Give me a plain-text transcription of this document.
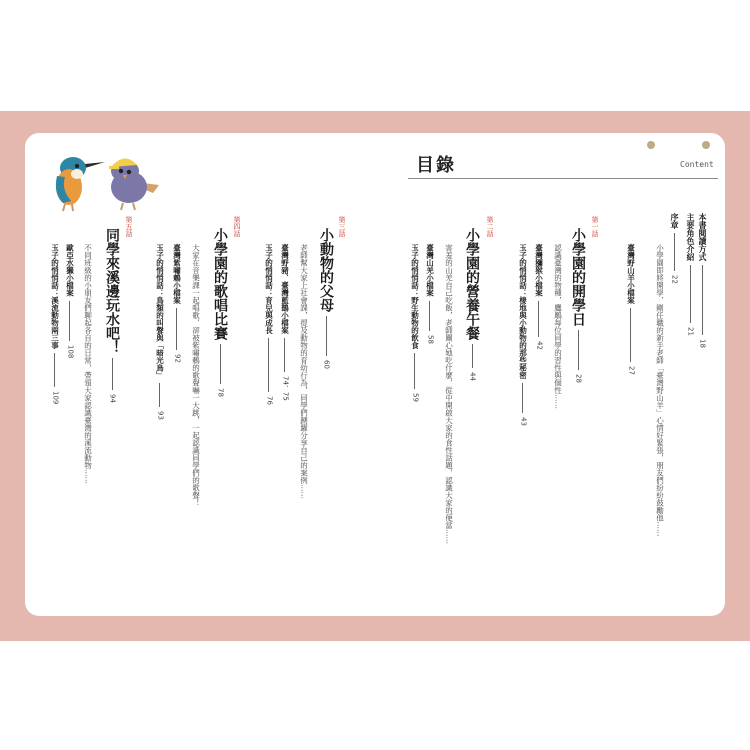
目錄	Content
本書閱讀方式
18
主要角色介紹
21
序章
22
小學園即將開學，剛任職的新手老師「臺灣野山羊」心情好緊張，朋友們紛紛鼓勵他……
臺灣野山羊小檔案
27
第一話
小學園的開學日
28
認識臺灣的物種，鷹鵰每位同學的習性與個性……
臺灣獼猴小檔案
42
玉子的悄悄話：棲地與小動物的那些秘密
43
第二話
小學園的營養午餐
44
害羞的山羌自己吃飯，老師關心她吃什麼，從中開啟大家的食性話題，認識大家的便當……
臺灣山羌小檔案
58
玉子的悄悄話：野生動物的飲食
59
第三話
小動物的父母
60
老師幫大家上社會課，提及動物的育幼行為，同學們踴躍分享自己的案例……
臺灣野豬、臺灣藍鵲小檔案
74、75
玉子的悄悄話：育兒與成長
76
第四話
小學園的歌唱比賽
78
大家在音樂課一起唱歌，卻被紫嘯鶇的歌聲嚇一大跳，一起認識同學們的歌聲！
臺灣紫嘯鶇小檔案
92
玉子的悄悄話：鳥類的叫聲與「暗光鳥」
93
第五話
同學來溪邊玩水吧！
94
不同班級的小朋友們聊起各自的日常，帶領大家認識臺灣的溪流動物……
歐亞水獺小檔案
108
玉子的悄悄話：溪流動物兩三事
109
